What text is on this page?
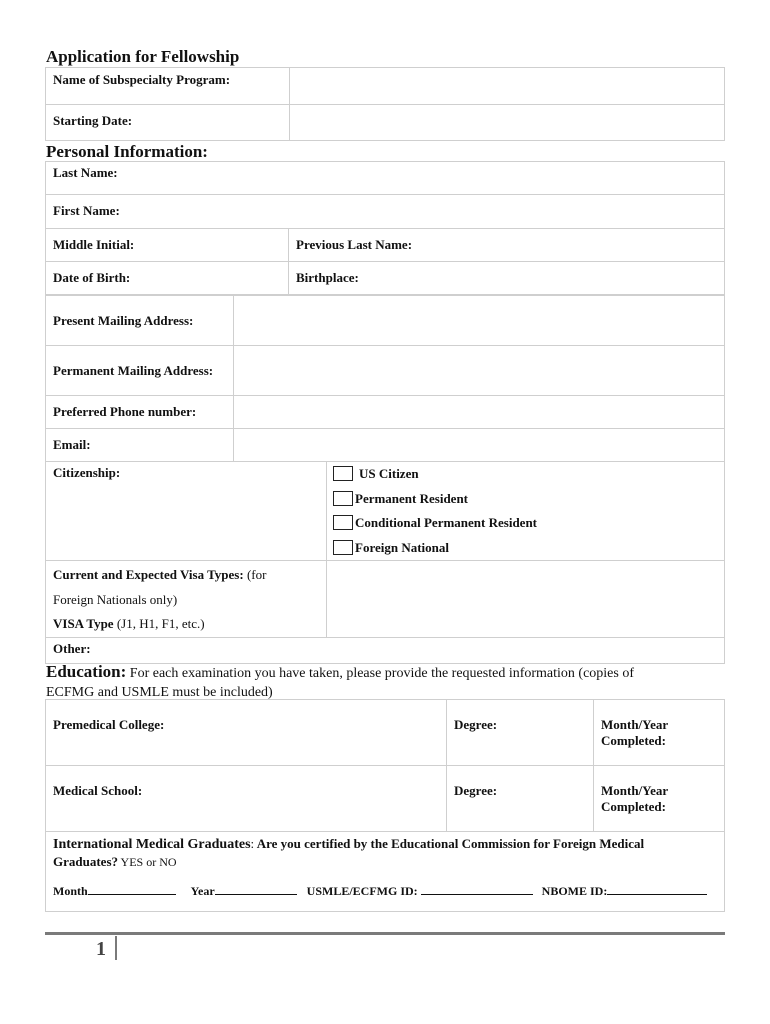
Application for Fellowship
Name of Subspecialty Program:	

Starting Date:	

Personal Information:
Last Name:	

First Name:	

Middle Initial:	Previous Last Name:

Date of Birth:	Birthplace:
Present Mailing Address:	

Permanent Mailing Address:	

Preferred Phone number:	

Email:	

Citizenship:	US Citizen
Permanent Resident
Conditional Permanent Resident
Foreign National

Current and Expected Visa Types: (for
Foreign Nationals only)
VISA Type (J1, H1, F1, etc.)	

Other:	
Education: For each examination you have taken, please provide the requested information (copies of
ECFMG and USMLE must be included)
Premedical College:	Degree:	Month/Year
Completed:

Medical School:	Degree:	Month/Year
Completed:

International Medical Graduates: Are you certified by the Educational Commission for Foreign Medical
Graduates? YES or NO
Month Year USMLE/ECFMG ID: NBOME ID:		
1
